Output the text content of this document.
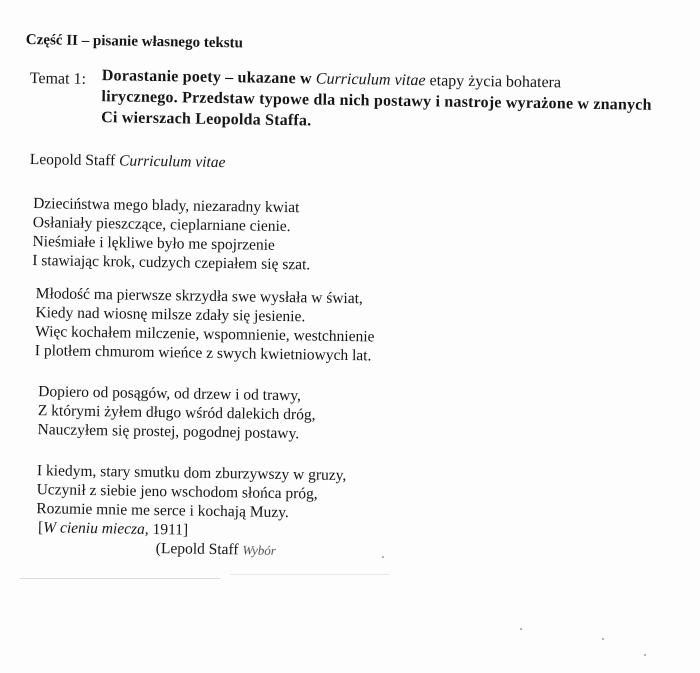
Część II – pisanie własnego tekstu
Temat 1: Dorastanie poety – ukazane w Curriculum vitae etapy życia bohatera
lirycznego. Przedstaw typowe dla nich postawy i nastroje wyrażone w znanych
Ci wierszach Leopolda Staffa.
Leopold Staff Curriculum vitae
Dzieciństwa mego blady, niezaradny kwiat
Osłaniały pieszczące, cieplarniane cienie.
Nieśmiałe i lękliwe było me spojrzenie
I stawiając krok, cudzych czepiałem się szat.
Młodość ma pierwsze skrzydła swe wysłała w świat,
Kiedy nad wiosnę milsze zdały się jesienie.
Więc kochałem milczenie, wspomnienie, westchnienie
I plotłem chmurom wieńce z swych kwietniowych lat.
Dopiero od posągów, od drzew i od trawy,
Z którymi żyłem długo wśród dalekich dróg,
Nauczyłem się prostej, pogodnej postawy.
I kiedym, stary smutku dom zburzywszy w gruzy,
Uczynił z siebie jeno wschodom słońca próg,
Rozumie mnie me serce i kochają Muzy.
[W cieniu miecza, 1911]
(Lepold Staff Wybór
